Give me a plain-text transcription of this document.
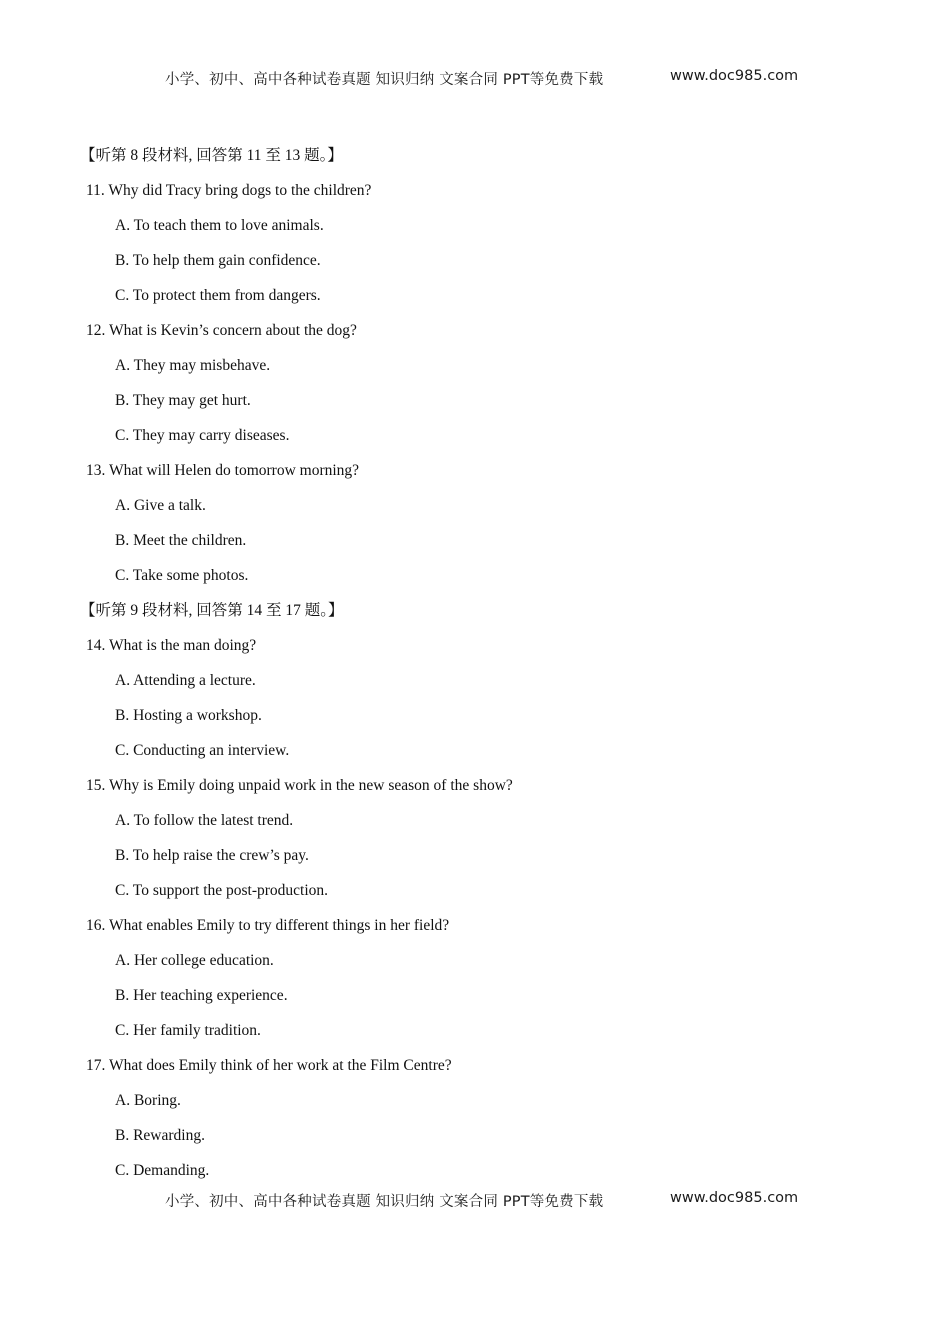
小学、初中、高中各种试卷真题 知识归纳 文案合同 PPT等免费下载	www.doc985.com
【听第 8 段材料, 回答第 11 至 13 题。】
11. Why did Tracy bring dogs to the children?
A. To teach them to love animals.
B. To help them gain confidence.
C. To protect them from dangers.
12. What is Kevin’s concern about the dog?
A. They may misbehave.
B. They may get hurt.
C. They may carry diseases.
13. What will Helen do tomorrow morning?
A. Give a talk.
B. Meet the children.
C. Take some photos.
【听第 9 段材料, 回答第 14 至 17 题。】
14. What is the man doing?
A. Attending a lecture.
B. Hosting a workshop.
C. Conducting an interview.
15. Why is Emily doing unpaid work in the new season of the show?
A. To follow the latest trend.
B. To help raise the crew’s pay.
C. To support the post-production.
16. What enables Emily to try different things in her field?
A. Her college education.
B. Her teaching experience.
C. Her family tradition.
17. What does Emily think of her work at the Film Centre?
A. Boring.
B. Rewarding.
C. Demanding.
小学、初中、高中各种试卷真题 知识归纳 文案合同 PPT等免费下载	www.doc985.com
